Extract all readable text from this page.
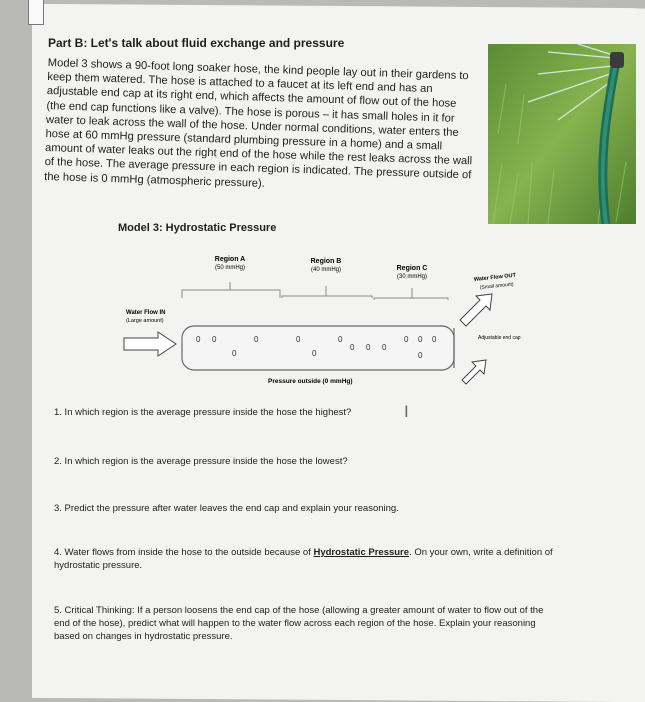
Part B: Let's talk about fluid exchange and pressure
Model 3 shows a 90-foot long soaker hose, the kind people lay out in their gardens to keep them watered. The hose is attached to a faucet at its left end and has an adjustable end cap at its right end, which affects the amount of flow out of the hose (the end cap functions like a valve). The hose is porous – it has small holes in it for water to leak across the wall of the hose. Under normal conditions, water enters the hose at 60 mmHg pressure (standard plumbing pressure in a home) and a small amount of water leaks out the right end of the hose while the rest leaks across the wall of the hose. The average pressure in each region is indicated. The pressure outside of the hose is 0 mmHg (atmospheric pressure).
Model 3: Hydrostatic Pressure
Region A
(50 mmHg)
Region B
(40 mmHg)	Region C
(30 mmHg)
0 0
0
0	0
0
0
0 0 0
0 0
0
0
Water Flow IN
(Large amount)
Water Flow OUT
(Small amount)
Adjustable end cap
Pressure outside (0 mmHg)
1. In which region is the average pressure inside the hose the highest?	I
2. In which region is the average pressure inside the hose the lowest?
3. Predict the pressure after water leaves the end cap and explain your reasoning.
4. Water flows from inside the hose to the outside because of Hydrostatic Pressure. On your own, write a definition of hydrostatic pressure.
5. Critical Thinking: If a person loosens the end cap of the hose (allowing a greater amount of water to flow out of the end of the hose), predict what will happen to the water flow across each region of the hose. Explain your reasoning based on changes in hydrostatic pressure.
